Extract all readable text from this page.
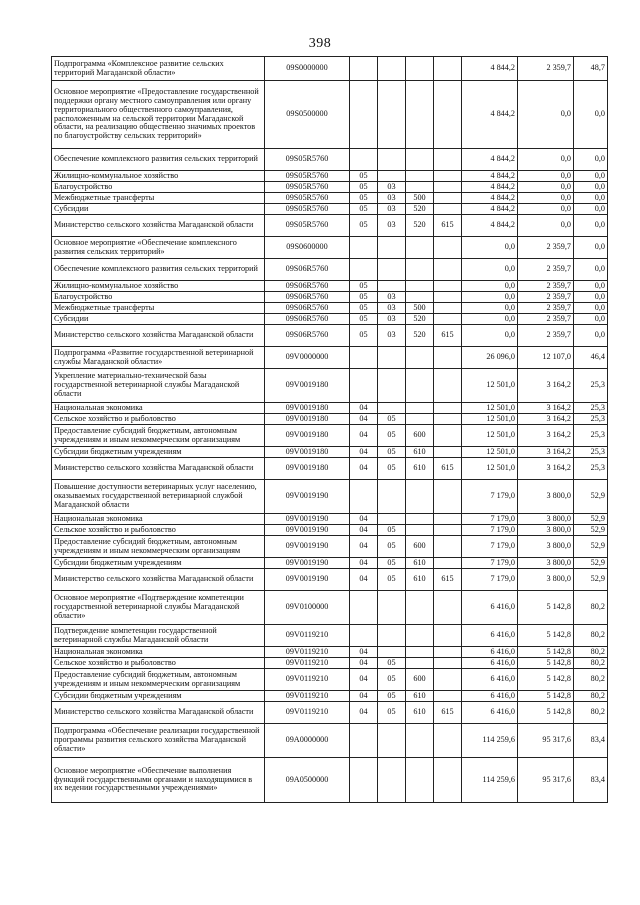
398
Подпрограмма «Комплексное развитие сельских территорий Магаданской области»	09S0000000					4 844,2	2 359,7	48,7
Основное мероприятие «Предоставление государственной поддержки органу местного самоуправления или органу территориального общественного самоуправления, расположенным на сельской территории Магаданской области, на реализацию общественно значимых проектов по благоустройству сельских территорий»	09S0500000					4 844,2	0,0	0,0
Обеспечение комплексного развития сельских территорий	09S05R5760					4 844,2	0,0	0,0
Жилищно-коммунальное хозяйство	09S05R5760	05				4 844,2	0,0	0,0
Благоустройство	09S05R5760	05	03			4 844,2	0,0	0,0
Межбюджетные трансферты	09S05R5760	05	03	500		4 844,2	0,0	0,0
Субсидии	09S05R5760	05	03	520		4 844,2	0,0	0,0
Министерство сельского хозяйства Магаданской области	09S05R5760	05	03	520	615	4 844,2	0,0	0,0
Основное мероприятие «Обеспечение комплексного развития сельских территорий»	09S0600000					0,0	2 359,7	0,0
Обеспечение комплексного развития сельских территорий	09S06R5760					0,0	2 359,7	0,0
Жилищно-коммунальное хозяйство	09S06R5760	05				0,0	2 359,7	0,0
Благоустройство	09S06R5760	05	03			0,0	2 359,7	0,0
Межбюджетные трансферты	09S06R5760	05	03	500		0,0	2 359,7	0,0
Субсидии	09S06R5760	05	03	520		0,0	2 359,7	0,0
Министерство сельского хозяйства Магаданской области	09S06R5760	05	03	520	615	0,0	2 359,7	0,0
Подпрограмма «Развитие государственной ветеринарной службы Магаданской области»	09V0000000					26 096,0	12 107,0	46,4
Укрепление материально-технической базы государственной ветеринарной службы Магаданской области	09V0019180					12 501,0	3 164,2	25,3
Национальная экономика	09V0019180	04				12 501,0	3 164,2	25,3
Сельское хозяйство и рыболовство	09V0019180	04	05			12 501,0	3 164,2	25,3
Предоставление субсидий бюджетным, автономным учреждениям и иным некоммерческим организациям	09V0019180	04	05	600		12 501,0	3 164,2	25,3
Субсидии бюджетным учреждениям	09V0019180	04	05	610		12 501,0	3 164,2	25,3
Министерство сельского хозяйства Магаданской области	09V0019180	04	05	610	615	12 501,0	3 164,2	25,3
Повышение доступности ветеринарных услуг населению, оказываемых государственной ветеринарной службой Магаданской области	09V0019190					7 179,0	3 800,0	52,9
Национальная экономика	09V0019190	04				7 179,0	3 800,0	52,9
Сельское хозяйство и рыболовство	09V0019190	04	05			7 179,0	3 800,0	52,9
Предоставление субсидий бюджетным, автономным учреждениям и иным некоммерческим организациям	09V0019190	04	05	600		7 179,0	3 800,0	52,9
Субсидии бюджетным учреждениям	09V0019190	04	05	610		7 179,0	3 800,0	52,9
Министерство сельского хозяйства Магаданской области	09V0019190	04	05	610	615	7 179,0	3 800,0	52,9
Основное мероприятие «Подтверждение компетенции государственной ветеринарной службы Магаданской области»	09V0100000					6 416,0	5 142,8	80,2
Подтверждение компетенции государственной ветеринарной службы Магаданской области	09V0119210					6 416,0	5 142,8	80,2
Национальная экономика	09V0119210	04				6 416,0	5 142,8	80,2
Сельское хозяйство и рыболовство	09V0119210	04	05			6 416,0	5 142,8	80,2
Предоставление субсидий бюджетным, автономным учреждениям и иным некоммерческим организациям	09V0119210	04	05	600		6 416,0	5 142,8	80,2
Субсидии бюджетным учреждениям	09V0119210	04	05	610		6 416,0	5 142,8	80,2
Министерство сельского хозяйства Магаданской области	09V0119210	04	05	610	615	6 416,0	5 142,8	80,2
Подпрограмма «Обеспечение реализации государственной программы развития сельского хозяйства Магаданской области»	09A0000000					114 259,6	95 317,6	83,4
Основное мероприятие «Обеспечение выполнения функций государственными органами и находящимися в их ведении государственными учреждениями»	09A0500000					114 259,6	95 317,6	83,4
